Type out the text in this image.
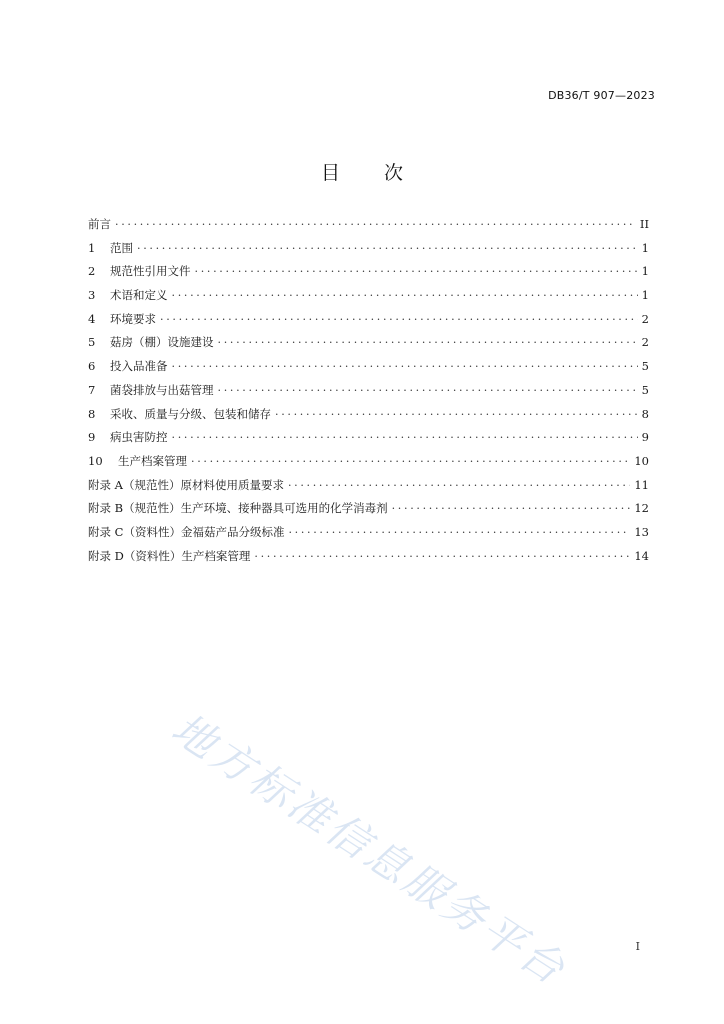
DB36/T 907—2023
目次
前言 . . .	II
1	范围 . . .	1
2	规范性引用文件 . . .	1
3	术语和定义 . . .	1
4	环境要求 . . .	2
5	菇房（棚）设施建设 . . .	2
6	投入品准备 . . .	5
7	菌袋排放与出菇管理 . . .	5
8	采收、质量与分级、包装和储存 . . .	8
9	病虫害防控 . . .	9
10	生产档案管理 . . .	10
附录 A（规范性）原材料使用质量要求 . . .	11
附录 B（规范性）生产环境、接种器具可选用的化学消毒剂 . . .	12
附录 C（资料性）金福菇产品分级标准 . . .	13
附录 D（资料性）生产档案管理 . . .	14
地方标准信息服务平台	I
